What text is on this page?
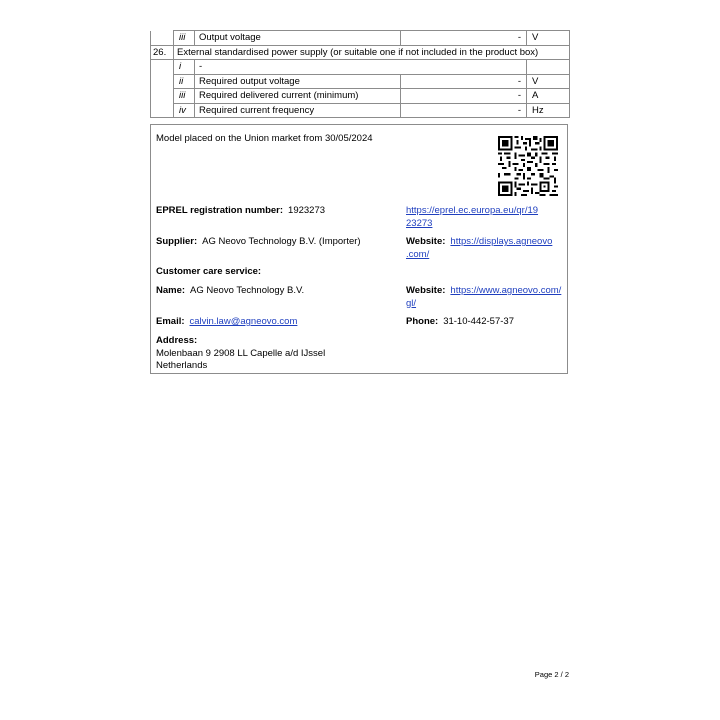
	iii	Output voltage	-	V
26.	External standardised power supply (or suitable one if not included in the product box)			
	i	-		
	ii	Required output voltage	-	V
	iii	Required delivered current (minimum)	-	A
	iv	Required current frequency	-	Hz
Model placed on the Union market from 30/05/2024
EPREL registration number: 1923273	https://eprel.ec.europa.eu/qr/19
23273
Supplier: AG Neovo Technology B.V. (Importer)	Website: https://displays.agneovo
.com/
Customer care service:
Name: AG Neovo Technology B.V.	Website: https://www.agneovo.com/
gl/
Email: calvin.law@agneovo.com	Phone: 31-10-442-57-37
Address:
Molenbaan 9 2908 LL Capelle a/d IJssel
Netherlands
Page 2 / 2
